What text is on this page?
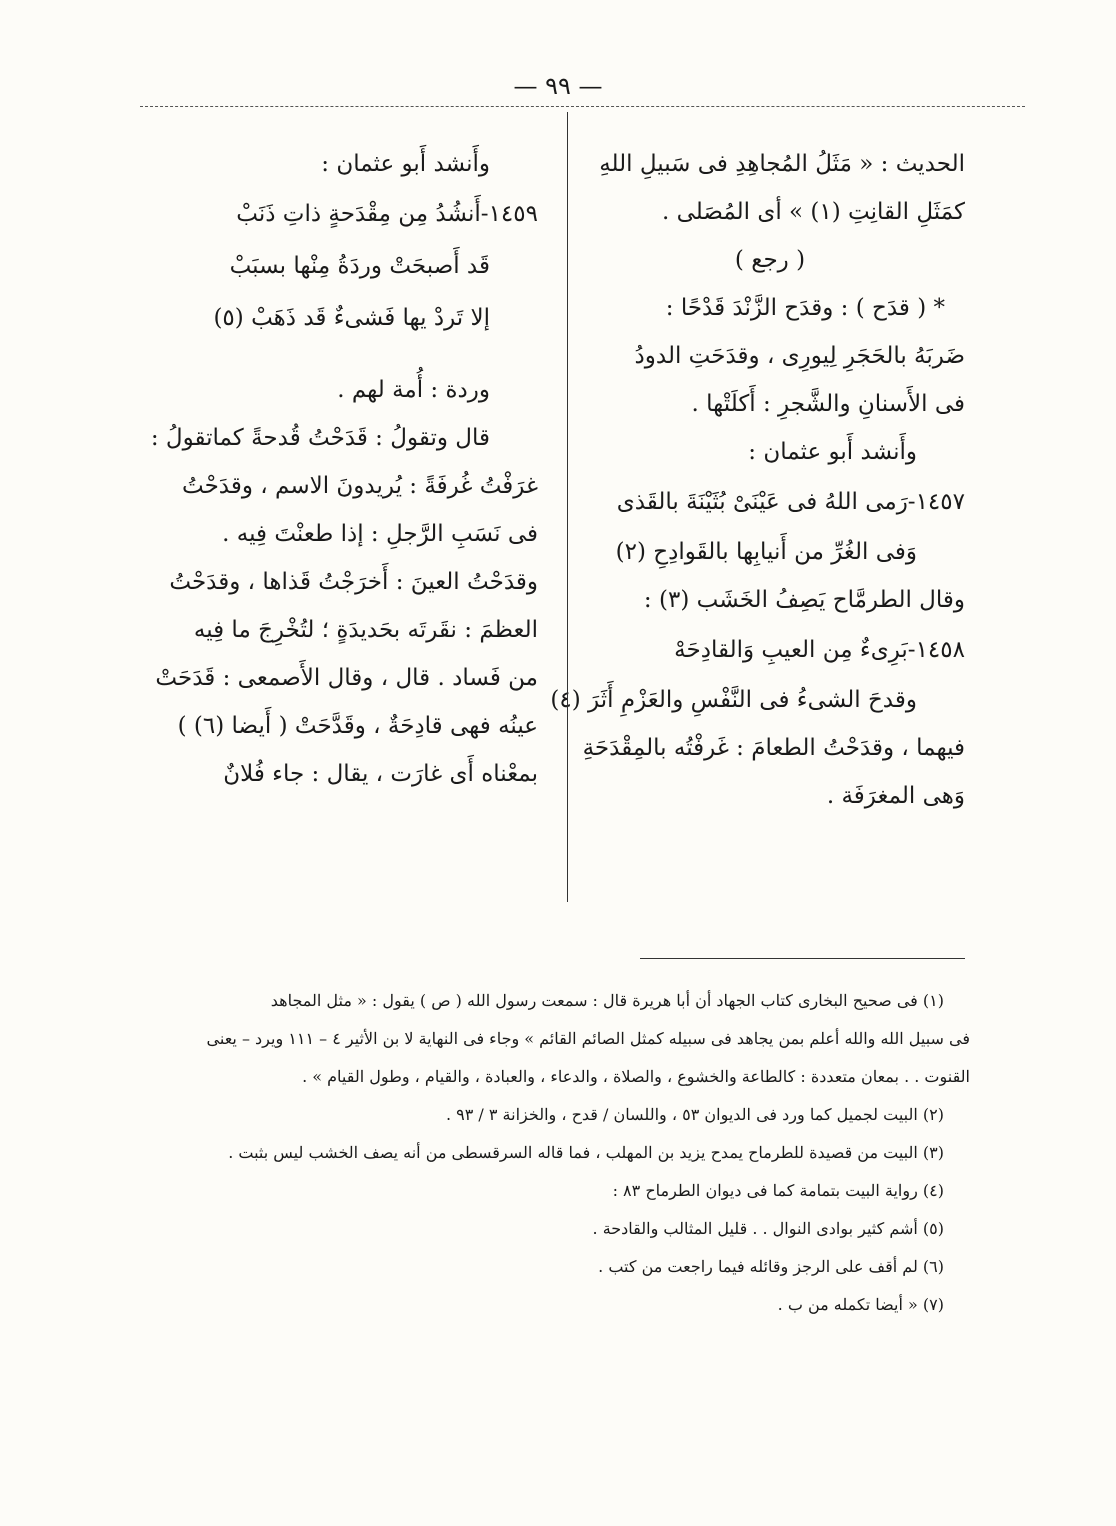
— ٩٩ —
الحديث : « مَثَلُ المُجاهِدِ فى سَبيلِ اللهِ
كمَثَلِ القانِتِ (١) » أى المُصَلى .
( رجع )
* ( قدَح ) : وقدَح الزَّنْدَ قَدْحًا :
ضَربَهُ بالحَجَرِ لِيورِى ، وقدَحَتِ الدودُ
فى الأَسنانِ والشَّجرِ : أَكلَتْها .
وأَنشد أَبو عثمان :
١٤٥٧-رَمى اللهُ فى عَيْنَىْ بُثَيْنَةَ بالقَذى
وَفى الغُرِّ من أَنيابِها بالقَوادِحِ (٢)
وقال الطرمَّاح يَصِفُ الخَشَب (٣) :
١٤٥٨-بَرِىءٌ مِن العيبِ وَالقادِحَهْ
وقدحَ الشىءُ فى النَّفْسِ والعَزْمِ أَثَرَ (٤)
فيهما ، وقدَحْتُ الطعامَ : غَرفْتُه بالمِقْدَحَةِ
وَهى المغرَفَة .
وأَنشد أَبو عثمان :
١٤٥٩-أَنشُدُ مِن مِقْدَحةٍ ذاتِ ذَنَبْ
قَد أَصبحَتْ وردَةُ مِنْها بسبَبْ
إلا تَردْ يها فَشىءٌ قَد ذَهَبْ (٥)
وردة : أُمة لهم .
قال وتقولُ : قَدَحْتُ قُدحةً كماتقولُ :
غرَفْتُ غُرفَةً : يُريدونَ الاسم ، وقدَحْتُ
فى نَسَبِ الرَّجلِ : إذا طعنْتَ فِيه .
وقدَحْتُ العينَ : أَخرَجْتُ قَذاها ، وقدَحْتُ
العظمَ : نقَرتَه بحَديدَةٍ ؛ لتُخْرِجَ ما فِيه
من فَساد . قال ، وقال الأَصمعى : قَدَحَتْ
عينُه فهى قادِحَةٌ ، وقَدَّحَتْ ( أَيضا (٦) )
بمعْناه أَى غارَت ، يقال : جاء فُلانٌ
(١) فى صحيح البخارى كتاب الجهاد أن أبا هريرة قال : سمعت رسول الله ( ص ) يقول : « مثل المجاهد
فى سبيل الله والله أعلم بمن يجاهد فى سبيله كمثل الصائم القائم » وجاء فى النهاية لا بن الأثير ٤ – ١١١ ويرد – يعنى
القنوت . . بمعان متعددة : كالطاعة والخشوع ، والصلاة ، والدعاء ، والعبادة ، والقيام ، وطول القيام » .
(٢) البيت لجميل كما ورد فى الديوان ٥٣ ، واللسان / قدح ، والخزانة ٣ / ٩٣ .
(٣) البيت من قصيدة للطرماح يمدح يزيد بن المهلب ، فما قاله السرقسطى من أنه يصف الخشب ليس بثبت .
(٤) رواية البيت بتمامة كما فى ديوان الطرماح ٨٣ :
(٥) أشم كثير بوادى النوال . . قليل المثالب والقادحة .
(٦) لم أقف على الرجز وقائله فيما راجعت من كتب .
(٧) « أيضا تكمله من ب .
